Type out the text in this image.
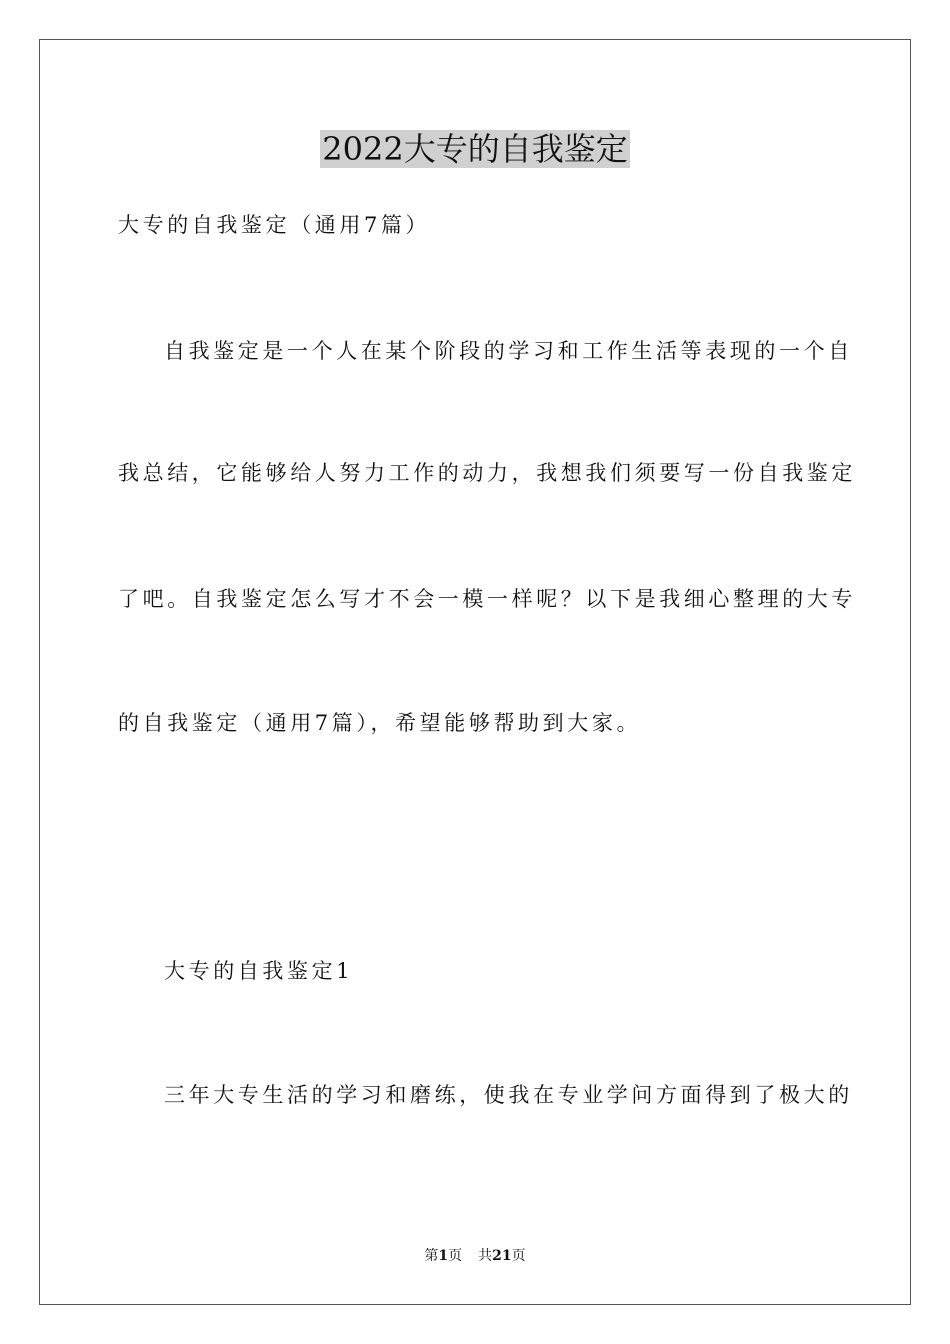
2022大专的自我鉴定
大专的自我鉴定（通用7篇）
自我鉴定是一个人在某个阶段的学习和工作生活等表现的一个自
我总结，它能够给人努力工作的动力，我想我们须要写一份自我鉴定
了吧。自我鉴定怎么写才不会一模一样呢？以下是我细心整理的大专
的自我鉴定（通用7篇），希望能够帮助到大家。
大专的自我鉴定1
三年大专生活的学习和磨练，使我在专业学问方面得到了极大的
第1页 共21页
